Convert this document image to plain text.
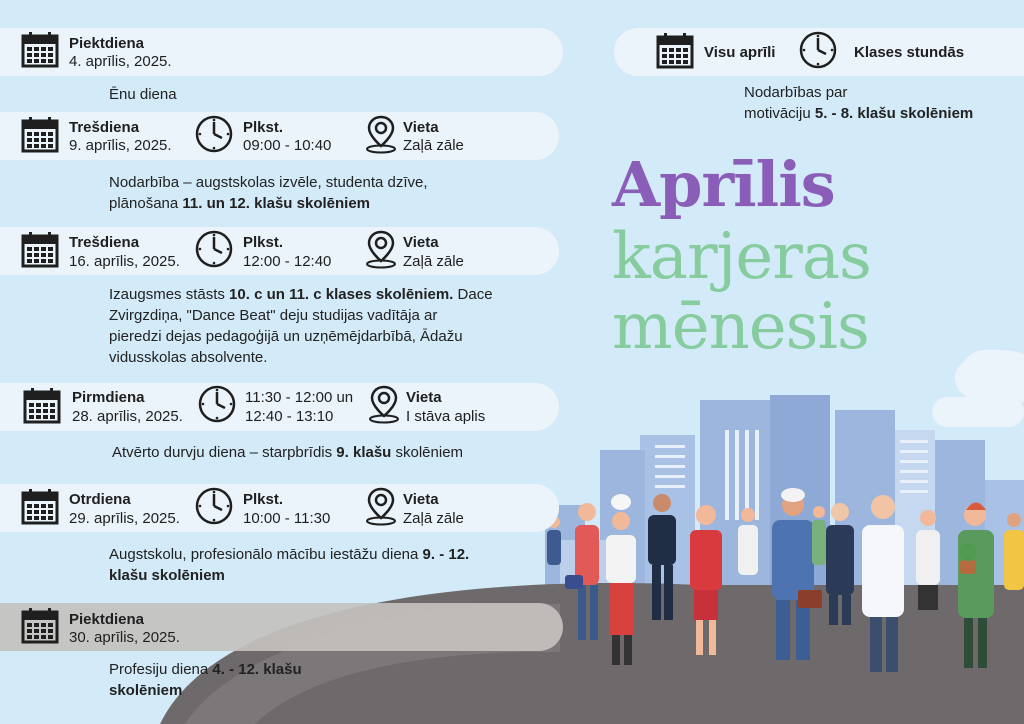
Piektdiena
4. aprīlis, 2025.
Ēnu diena
Trešdiena
9. aprīlis, 2025.
Plkst.
09:00 - 10:40
Vieta
Zaļā zāle
Nodarbība – augstskolas izvēle, studenta dzīve,
plānošana 11. un 12. klašu skolēniem
Trešdiena
16. aprīlis, 2025.
Plkst.
12:00 - 12:40
Vieta
Zaļā zāle
Izaugsmes stāsts 10. c un 11. c klases skolēniem. Dace
Zvirgzdiņa, "Dance Beat" deju studijas vadītāja ar
pieredzi dejas pedagoģijā un uzņēmējdarbībā, Ādažu
vidusskolas absolvente.
Pirmdiena
28. aprīlis, 2025.
11:30 - 12:00 un
12:40 - 13:10
Vieta
I stāva aplis
Atvērto durvju diena – starpbrīdis 9. klašu skolēniem
Otrdiena
29. aprīlis, 2025.
Plkst.
10:00 - 11:30
Vieta
Zaļā zāle
Augstskolu, profesionālo mācību iestāžu diena 9. - 12.
klašu skolēniem
Piektdiena
30. aprīlis, 2025.
Profesiju diena 4. - 12. klašu
skolēniem
Visu aprīli	Klases stundās
Nodarbības par
motivāciju 5. - 8. klašu skolēniem
Aprīlis
karjeras
mēnesis
